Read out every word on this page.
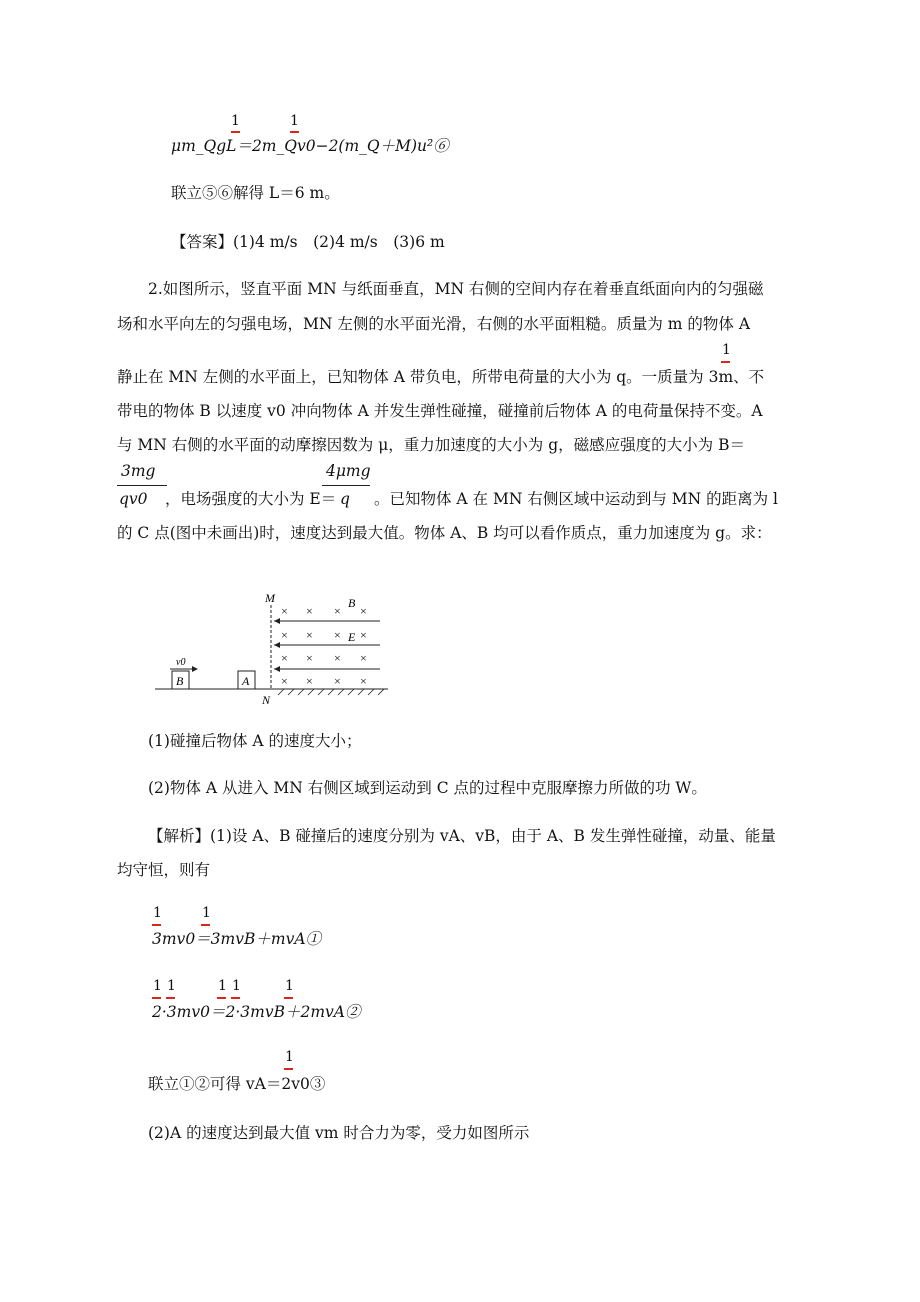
1	1
μm_QgL＝2m_Qv0−2(m_Q＋M)u²⑥
联立⑤⑥解得 L＝6 m。
【答案】(1)4 m/s　(2)4 m/s　(3)6 m
2.如图所示，竖直平面 MN 与纸面垂直，MN 右侧的空间内存在着垂直纸面向内的匀强磁
场和水平向左的匀强电场，MN 左侧的水平面光滑，右侧的水平面粗糙。质量为 m 的物体 A
1
静止在 MN 左侧的水平面上，已知物体 A 带负电，所带电荷量的大小为 q。一质量为 3m、不
带电的物体 B 以速度 v0 冲向物体 A 并发生弹性碰撞，碰撞前后物体 A 的电荷量保持不变。A
与 MN 右侧的水平面的动摩擦因数为 μ，重力加速度的大小为 g，磁感应强度的大小为 B＝
3mg
qv0 ，电场强度的大小为 E＝
4μmg
q 。已知物体 A 在 MN 右侧区域中运动到与 MN 的距离为 l
的 C 点(图中未画出)时，速度达到最大值。物体 A、B 均可以看作质点，重力加速度为 g。求：
M
N
× × × ×
× × × ×
× × × ×
× × × ×
B
E
v0
B	A
(1)碰撞后物体 A 的速度大小；
(2)物体 A 从进入 MN 右侧区域到运动到 C 点的过程中克服摩擦力所做的功 W。
【解析】(1)设 A、B 碰撞后的速度分别为 vA、vB，由于 A、B 发生弹性碰撞，动量、能量
均守恒，则有
1	1
3mv0＝3mvB＋mvA①
1 1	1 1	1
2·3mv0＝2·3mvB＋2mvA②
1
联立①②可得 vA＝2v0③
(2)A 的速度达到最大值 vm 时合力为零，受力如图所示
